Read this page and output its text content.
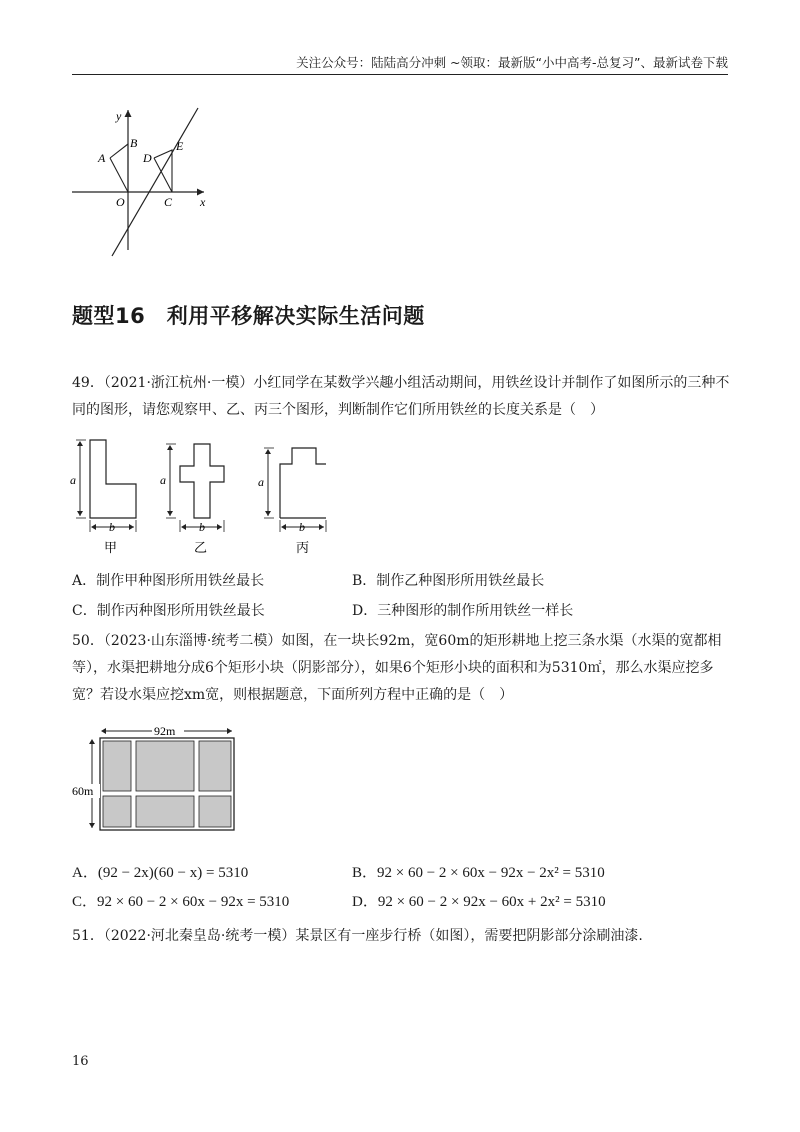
关注公众号：陆陆高分冲刺 ~领取：最新版“小中高考-总复习”、最新试卷下载
y
x
O
A
B
C
D
E
题型16　利用平移解决实际生活问题
49．（2021·浙江杭州·一模）小红同学在某数学兴趣小组活动期间，用铁丝设计并制作了如图所示的三种不同的图形，请您观察甲、乙、丙三个图形，判断制作它们所用铁丝的长度关系是（　）
a
b
甲
a
b
乙
a
b
丙
A．制作甲种图形所用铁丝最长	B．制作乙种图形所用铁丝最长
C．制作丙种图形所用铁丝最长	D．三种图形的制作所用铁丝一样长
50．（2023·山东淄博·统考二模）如图，在一块长92m，宽60m的矩形耕地上挖三条水渠（水渠的宽都相等），水渠把耕地分成6个矩形小块（阴影部分），如果6个矩形小块的面积和为5310㎡，那么水渠应挖多宽？若设水渠应挖xm宽，则根据题意，下面所列方程中正确的是（　）
92m
60m
A．(92 − 2x)(60 − x) = 5310	B．92 × 60 − 2 × 60x − 92x − 2x² = 5310
C．92 × 60 − 2 × 60x − 92x = 5310	D．92 × 60 − 2 × 92x − 60x + 2x² = 5310
51．（2022·河北秦皇岛·统考一模）某景区有一座步行桥（如图），需要把阴影部分涂刷油漆.
16
